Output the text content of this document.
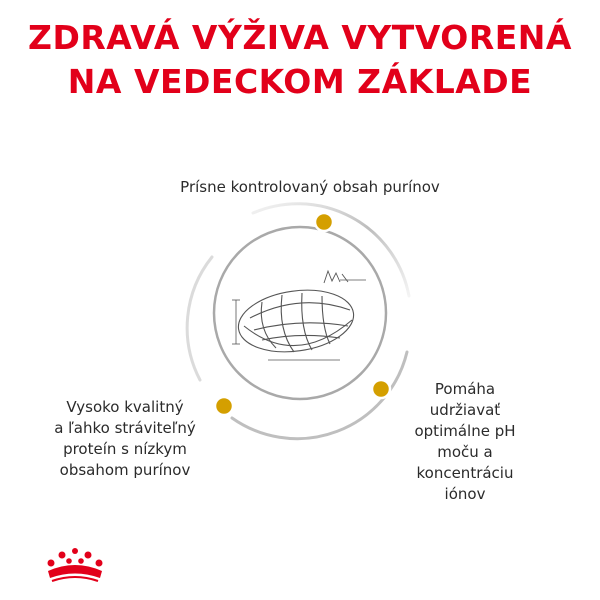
ZDRAVÁ VÝŽIVA VYTVORENÁ
NA VEDECKOM ZÁKLADE
Prísne kontrolovaný obsah purínov
Vysoko kvalitný
a ľahko stráviteľný
proteín s nízkym
obsahom purínov
Pomáha
udržiavať
optimálne pH
moču a
koncentráciu
iónov
